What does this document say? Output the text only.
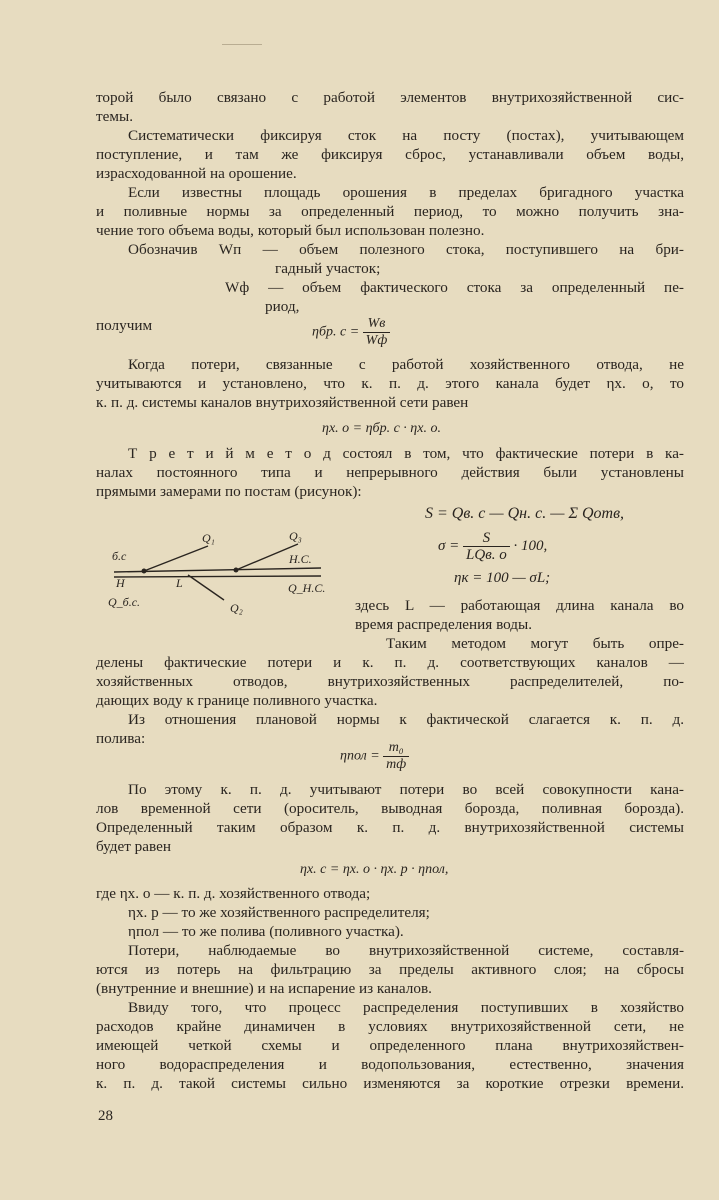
торой было связано с работой элементов внутрихозяйственной сис-
темы.
Систематически фиксируя сток на посту (постах), учитывающем
поступление, и там же фиксируя сброс, устанавливали объем воды,
израсходованной на орошение.
Если известны площадь орошения в пределах бригадного участка
и поливные нормы за определенный период, то можно получить зна-
чение того объема воды, который был использован полезно.
Обозначив Wп — объем полезного стока, поступившего на бри-
гадный участок;
Wф — объем фактического стока за определенный пе-
риод,
получим	ηбр. $с = \frac{Wв}{Wф}$
Когда потери, связанные с работой хозяйственного отвода, не
учитываются и установлено, что к. п. д. этого канала будет ηх. о, то
к. п. д. системы каналов внутрихозяйственной сети равен
ηх. о = ηбр. с · ηх. о.
Т р е т и й м е т о д состоял в том, что фактические потери в ка-
налах постоянного типа и непрерывного действия были установлены
прямыми замерами по постам (рисунок):
б.с
Н	L
Q₁	Q₃
Н.С.
Q_Н.С.
Q_б.с.	Q₂
S = Qв. с — Qн. с. — Σ Qотв,
$\sigma = \frac{S}{\text{LQв. о}} \cdot 100$,
ηк = 100 — σL;
здесь L — работающая длина канала во
время распределения воды.
Таким методом могут быть опре-
делены фактические потери и к. п. д. соответствующих каналов —
хозяйственных отводов, внутрихозяйственных распределителей, по-
дающих воду к границе поливного участка.
Из отношения плановой нормы к фактической слагается к. п. д.
полива:
$\eta пол = \frac{\text{m₀}}{mф}$
По этому к. п. д. учитывают потери во всей совокупности кана-
лов временной сети (ороситель, выводная борозда, поливная борозда).
Определенный таким образом к. п. д. внутрихозяйственной системы
будет равен
ηх. с = ηх. о · ηх. р · ηпол,
где ηх. о — к. п. д. хозяйственного отвода;
ηх. р — то же хозяйственного распределителя;
ηпол — то же полива (поливного участка).
Потери, наблюдаемые во внутрихозяйственной системе, составля-
ются из потерь на фильтрацию за пределы активного слоя; на сбросы
(внутренние и внешние) и на испарение из каналов.
Ввиду того, что процесс распределения поступивших в хозяйство
расходов крайне динамичен в условиях внутрихозяйственной сети, не
имеющей четкой схемы и определенного плана внутрихозяйствен-
ного водораспределения и водопользования, естественно, значения
к. п. д. такой системы сильно изменяются за короткие отрезки времени.
28
